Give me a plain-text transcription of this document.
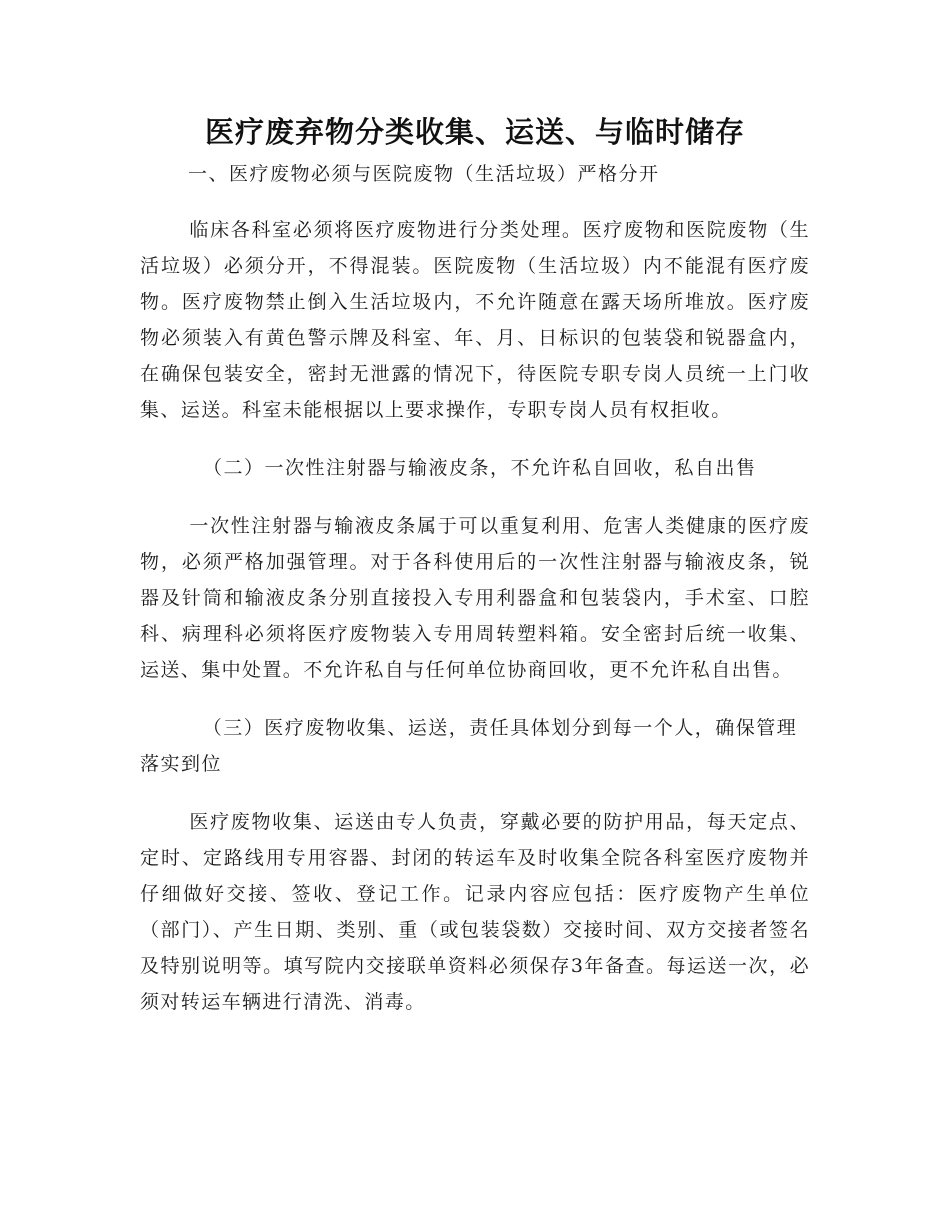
医疗废弃物分类收集、运送、与临时储存

一、医疗废物必须与医院废物（生活垃圾）严格分开

临床各科室必须将医疗废物进行分类处理。医疗废物和医院废物（生活垃圾）必须分开，不得混装。医院废物（生活垃圾）内不能混有医疗废物。医疗废物禁止倒入生活垃圾内，不允许随意在露天场所堆放。医疗废物必须装入有黄色警示牌及科室、年、月、日标识的包装袋和锐器盒内，在确保包装安全，密封无泄露的情况下，待医院专职专岗人员统一上门收集、运送。科室未能根据以上要求操作，专职专岗人员有权拒收。

（二）一次性注射器与输液皮条，不允许私自回收，私自出售

一次性注射器与输液皮条属于可以重复利用、危害人类健康的医疗废物，必须严格加强管理。对于各科使用后的一次性注射器与输液皮条，锐器及针筒和输液皮条分别直接投入专用利器盒和包装袋内，手术室、口腔科、病理科必须将医疗废物装入专用周转塑料箱。安全密封后统一收集、运送、集中处置。不允许私自与任何单位协商回收，更不允许私自出售。

（三）医疗废物收集、运送，责任具体划分到每一个人，确保管理落实到位

医疗废物收集、运送由专人负责，穿戴必要的防护用品，每天定点、定时、定路线用专用容器、封闭的转运车及时收集全院各科室医疗废物并仔细做好交接、签收、登记工作。记录内容应包括：医疗废物产生单位（部门）、产生日期、类别、重（或包装袋数）交接时间、双方交接者签名及特别说明等。填写院内交接联单资料必须保存3年备查。每运送一次，必须对转运车辆进行清洗、消毒。
